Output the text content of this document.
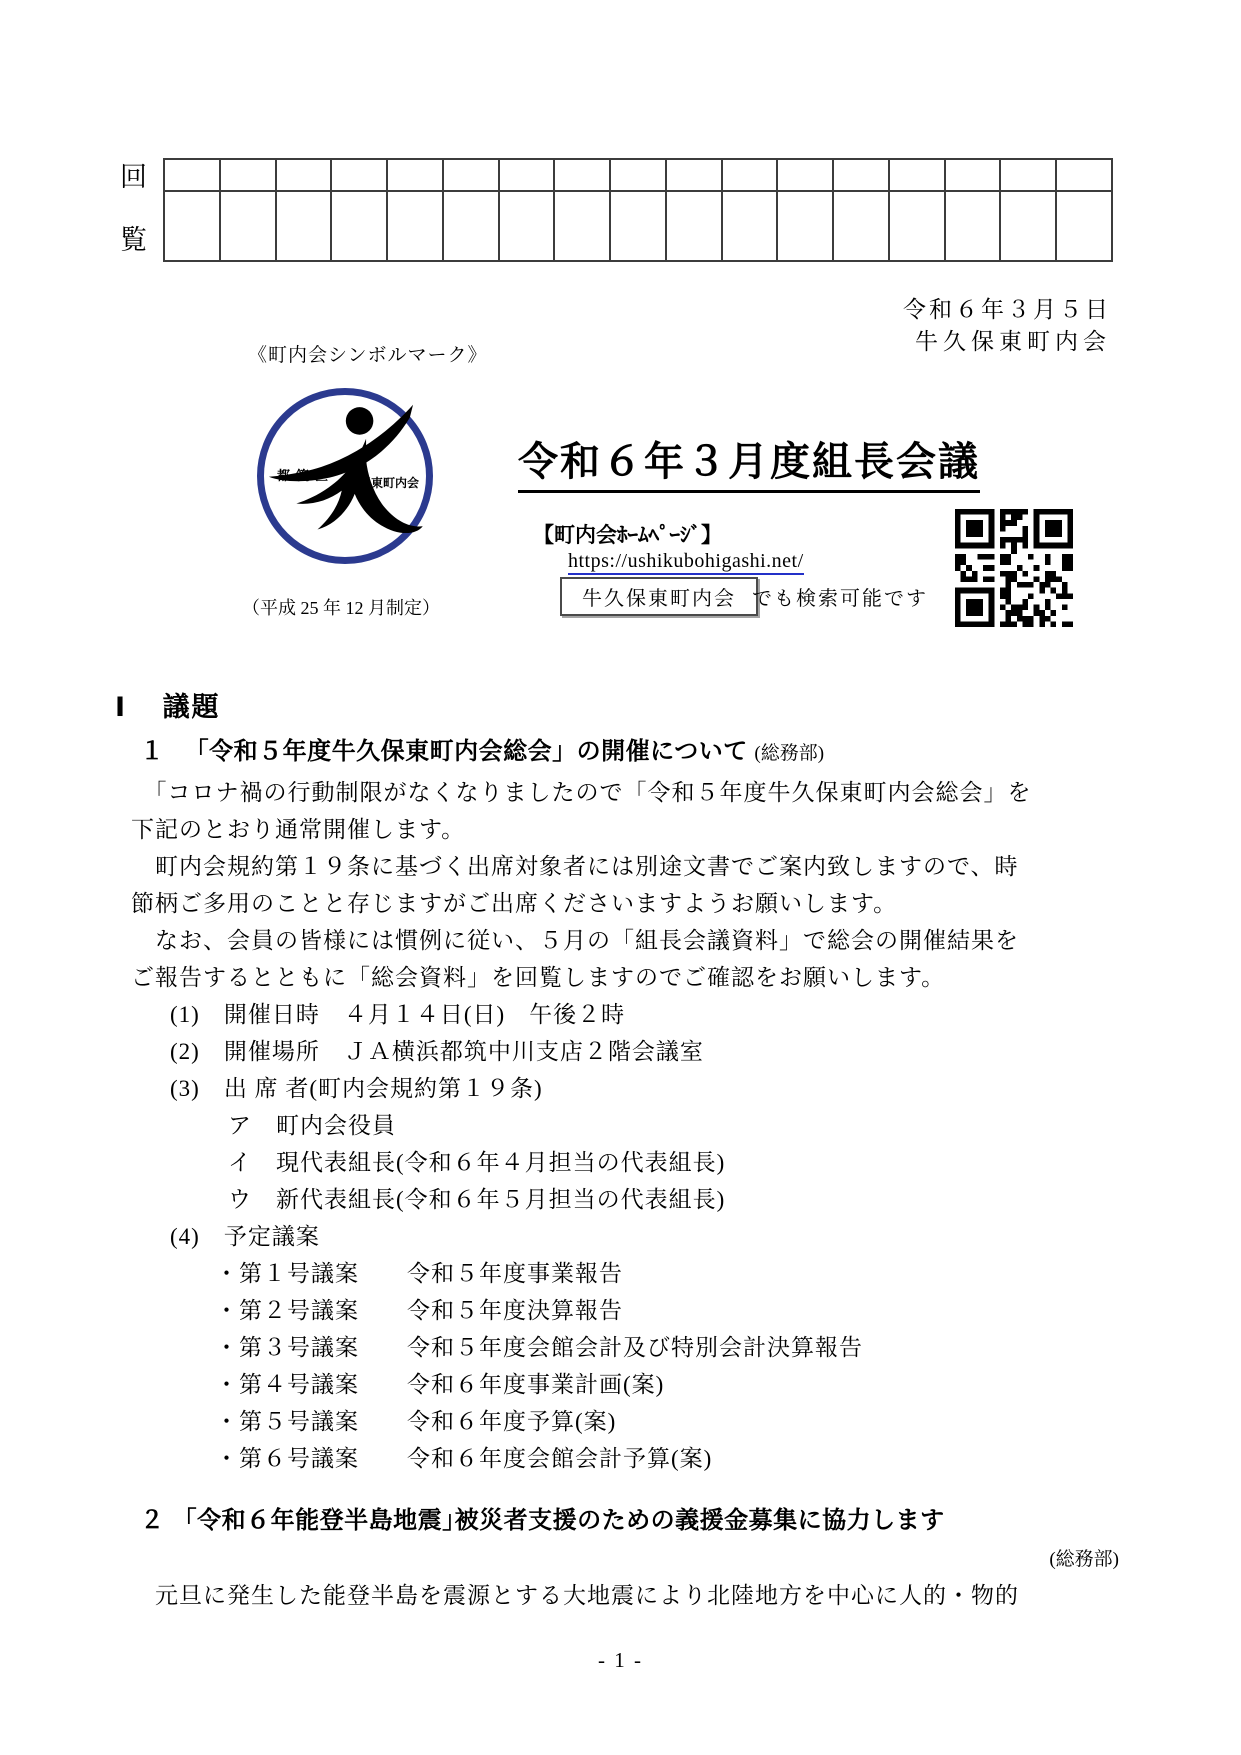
回
覧

令和６年３月５日
牛久保東町内会
《町内会シンボルマーク》
都筑区 久保東町内会
（平成 25 年 12 月制定）
令和６年３月度組長会議
【町内会ﾎｰﾑﾍﾟｰｼﾞ】
https://ushikubohigashi.net/
牛久保東町内会 でも検索可能です
Ⅰ 議題
１ 「令和５年度牛久保東町内会総会」の開催について (総務部)
　「コロナ禍の行動制限がなくなりましたので「令和５年度牛久保東町内会総会」を
下記のとおり通常開催します。
　町内会規約第１９条に基づく出席対象者には別途文書でご案内致しますので、時
節柄ご多用のことと存じますがご出席くださいますようお願いします。
　なお、会員の皆様には慣例に従い、５月の「組長会議資料」で総会の開催結果を
ご報告するとともに「総会資料」を回覧しますのでご確認をお願いします。
(1)　開催日時　４月１４日(日)　午後２時
(2)　開催場所　ＪＡ横浜都筑中川支店２階会議室
(3)　出 席 者(町内会規約第１９条)
ア　町内会役員
イ　現代表組長(令和６年４月担当の代表組長)
ウ　新代表組長(令和６年５月担当の代表組長)
(4)　予定議案
・第１号議案　　令和５年度事業報告
・第２号議案　　令和５年度決算報告
・第３号議案　　令和５年度会館会計及び特別会計決算報告
・第４号議案　　令和６年度事業計画(案)
・第５号議案　　令和６年度予算(案)
・第６号議案　　令和６年度会館会計予算(案)
２ ｢令和６年能登半島地震｣被災者支援のための義援金募集に協力します
(総務部)
　元旦に発生した能登半島を震源とする大地震により北陸地方を中心に人的・物的
- 1 -
